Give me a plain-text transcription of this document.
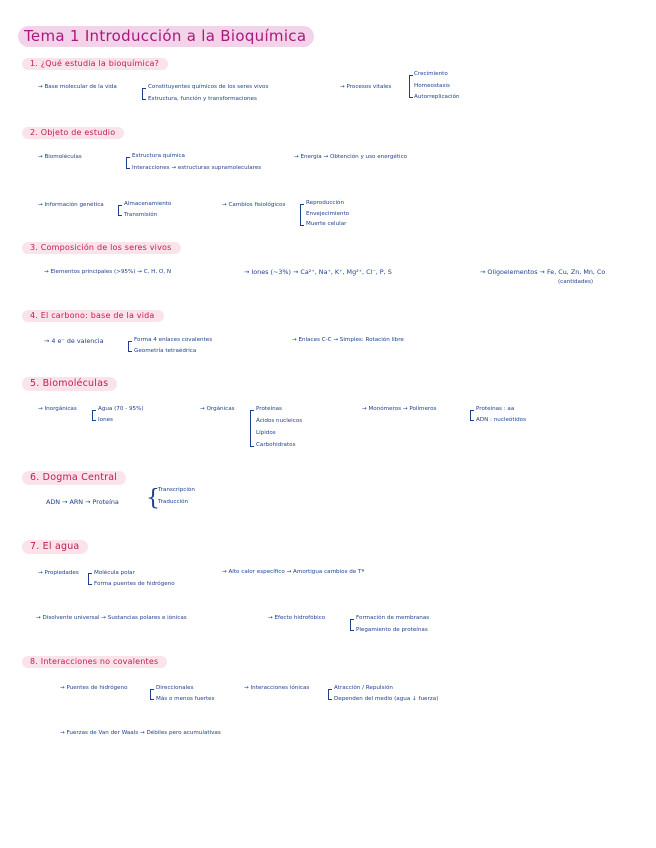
Tema 1 Introducción a la Bioquímica
1. ¿Qué estudia la bioquímica?
→ Base molecular de la vida	Constituyentes químicos de los seres vivos
Estructura, función y transformaciones
→ Procesos vitales
Crecimiento
Homeostasis
Autorreplicación
2. Objeto de estudio
→ Biomoléculas	Estructura química
Interacciones → estructuras supramoleculares
→ Energía → Obtención y uso energético
→ Información genética	Almacenamiento
Transmisión
→ Cambios fisiológicos	Reproducción
Envejecimiento
Muerte celular
3. Composición de los seres vivos
→ Elementos principales (>95%) → C, H, O, N	→ Iones (~3%) → Ca²⁺, Na⁺, K⁺, Mg²⁺, Cl⁻, P, S	→ Oligoelementos → Fe, Cu, Zn, Mn, Co
(cantidades)
4. El carbono: base de la vida
→ 4 e⁻ de valencia	Forma 4 enlaces covalentes
Geometría tetraédrica
→ Enlaces C-C → Simples: Rotación libre
5. Biomoléculas
→ Inorgánicas	Agua (70 - 95%)
Iones
→ Orgánicas	Proteínas
Ácidos nucleicos
Lípidos
Carbohidratos
→ Monómeros → Polímeros	Proteínas : aa
ADN : nucleótidos
6. Dogma Central
ADN → ARN → Proteína {
Transcripción
Traducción
7. El agua
→ Propiedades	Molécula polar
Forma puentes de hidrógeno
→ Alto calor específico → Amortigua cambios de Tª
→ Disolvente universal → Sustancias polares e iónicas	→ Efecto hidrofóbico	Formación de membranas
Plegamiento de proteínas
8. Interacciones no covalentes
→ Puentes de hidrógeno	Direccionales
Más o menos fuertes
→ Interacciones iónicas	Atracción / Repulsión
Dependen del medio (agua ↓ fuerza)
→ Fuerzas de Van der Waals → Débiles pero acumulativas
